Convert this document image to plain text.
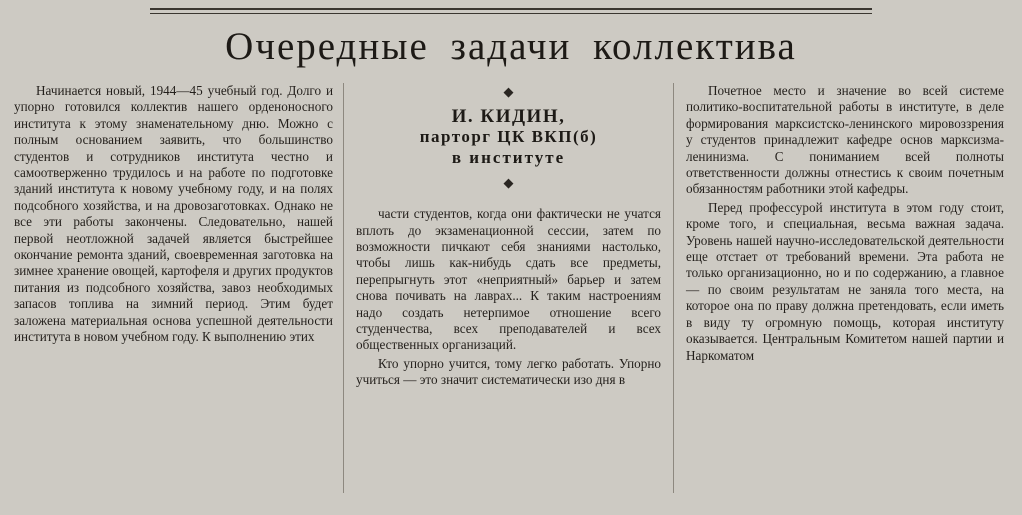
Очередные задачи коллектива

Начинается новый, 1944—45 учебный год. Долго и упорно готовился коллектив нашего орденоносного института к этому знаменательному дню. Можно с полным основанием заявить, что большинство студентов и сотрудников института честно и самоотверженно трудилось и на работе по подготовке зданий института к новому учебному году, и на полях подсобного хозяйства, и на дровозаготовках. Однако не все эти работы закончены. Следовательно, нашей первой неотложной задачей является быстрейшее окончание ремонта зданий, своевременная заготовка на зимнее хранение овощей, картофеля и других продуктов питания из подсобного хозяйства, завоз необходимых запасов топлива на зимний период. Этим будет заложена материальная основа успешной деятельности института в новом учебном году. К выполнению этих

◆
И. КИДИН,
парторг ЦК ВКП(б)
в институте
◆

части студентов, когда они фактически не учатся вплоть до экзаменационной сессии, затем по возможности пичкают себя знаниями настолько, чтобы лишь как-нибудь сдать все предметы, перепрыгнуть этот «неприятный» барьер и затем снова почивать на лаврах... К таким настроениям надо создать нетерпимое отношение всего студенчества, всех преподавателей и всех общественных организаций.

Кто упорно учится, тому легко работать. Упорно учиться — это значит систематически изо дня в

Почетное место и значение во всей системе политико-воспитательной работы в институте, в деле формирования марксистско-ленинского мировоззрения у студентов принадлежит кафедре основ марксизма-ленинизма. С пониманием всей полноты ответственности должны отнестись к своим почетным обязанностям работники этой кафедры.

Перед профессурой института в этом году стоит, кроме того, и специальная, весьма важная задача. Уровень нашей научно-исследовательской деятельности еще отстает от требований времени. Эта работа не только организационно, но и по содержанию, а главное — по своим результатам не заняла того места, на которое она по праву должна претендовать, если иметь в виду ту огромную помощь, которая институту оказывается. Центральным Комитетом нашей партии и Наркоматом
